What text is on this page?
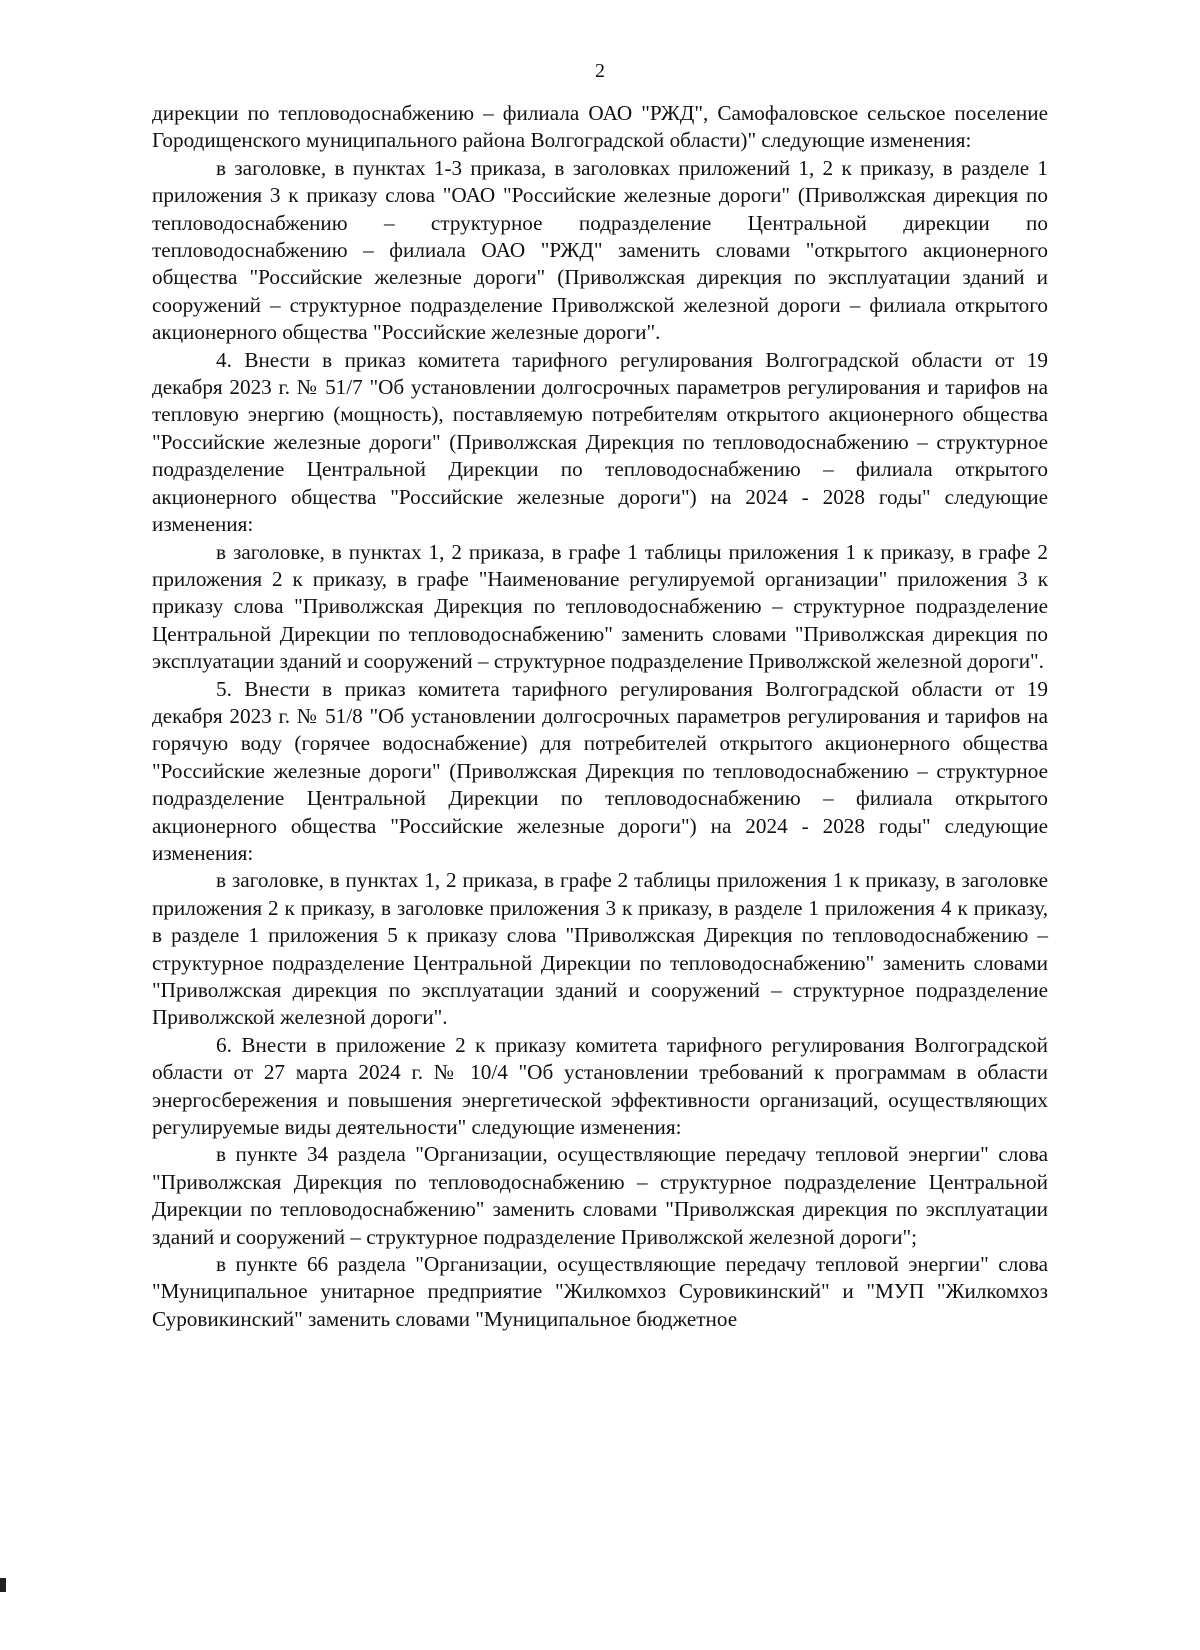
2

дирекции по тепловодоснабжению – филиала ОАО "РЖД", Самофаловское сельское поселение Городищенского муниципального района Волгоградской области)" следующие изменения:

в заголовке, в пунктах 1-3 приказа, в заголовках приложений 1, 2 к приказу, в разделе 1 приложения 3 к приказу слова "ОАО "Российские железные дороги" (Приволжская дирекция по тепловодоснабжению – структурное подразделение Центральной дирекции по тепловодоснабжению – филиала ОАО "РЖД" заменить словами "открытого акционерного общества "Российские железные дороги" (Приволжская дирекция по эксплуатации зданий и сооружений – структурное подразделение Приволжской железной дороги – филиала открытого акционерного общества "Российские железные дороги".

4. Внести в приказ комитета тарифного регулирования Волгоградской области от 19 декабря 2023 г. № 51/7 "Об установлении долгосрочных параметров регулирования и тарифов на тепловую энергию (мощность), поставляемую потребителям открытого акционерного общества "Российские железные дороги" (Приволжская Дирекция по тепловодоснабжению – структурное подразделение Центральной Дирекции по тепловодоснабжению – филиала открытого акционерного общества "Российские железные дороги") на 2024 - 2028 годы" следующие изменения:

в заголовке, в пунктах 1, 2 приказа, в графе 1 таблицы приложения 1 к приказу, в графе 2 приложения 2 к приказу, в графе "Наименование регулируемой организации" приложения 3 к приказу слова "Приволжская Дирекция по тепловодоснабжению – структурное подразделение Центральной Дирекции по тепловодоснабжению" заменить словами "Приволжская дирекция по эксплуатации зданий и сооружений – структурное подразделение Приволжской железной дороги".

5. Внести в приказ комитета тарифного регулирования Волгоградской области от 19 декабря 2023 г. № 51/8 "Об установлении долгосрочных параметров регулирования и тарифов на горячую воду (горячее водоснабжение) для потребителей открытого акционерного общества "Российские железные дороги" (Приволжская Дирекция по тепловодоснабжению – структурное подразделение Центральной Дирекции по тепловодоснабжению – филиала открытого акционерного общества "Российские железные дороги") на 2024 - 2028 годы" следующие изменения:

в заголовке, в пунктах 1, 2 приказа, в графе 2 таблицы приложения 1 к приказу, в заголовке приложения 2 к приказу, в заголовке приложения 3 к приказу, в разделе 1 приложения 4 к приказу, в разделе 1 приложения 5 к приказу слова "Приволжская Дирекция по тепловодоснабжению – структурное подразделение Центральной Дирекции по тепловодоснабжению" заменить словами "Приволжская дирекция по эксплуатации зданий и сооружений – структурное подразделение Приволжской железной дороги".

6. Внести в приложение 2 к приказу комитета тарифного регулирования Волгоградской области от 27 марта 2024 г. № 10/4 "Об установлении требований к программам в области энергосбережения и повышения энергетической эффективности организаций, осуществляющих регулируемые виды деятельности" следующие изменения:

в пункте 34 раздела "Организации, осуществляющие передачу тепловой энергии" слова "Приволжская Дирекция по тепловодоснабжению – структурное подразделение Центральной Дирекции по тепловодоснабжению" заменить словами "Приволжская дирекция по эксплуатации зданий и сооружений – структурное подразделение Приволжской железной дороги";

в пункте 66 раздела "Организации, осуществляющие передачу тепловой энергии" слова "Муниципальное унитарное предприятие "Жилкомхоз Суровикинский" и "МУП "Жилкомхоз Суровикинский" заменить словами "Муниципальное бюджетное
